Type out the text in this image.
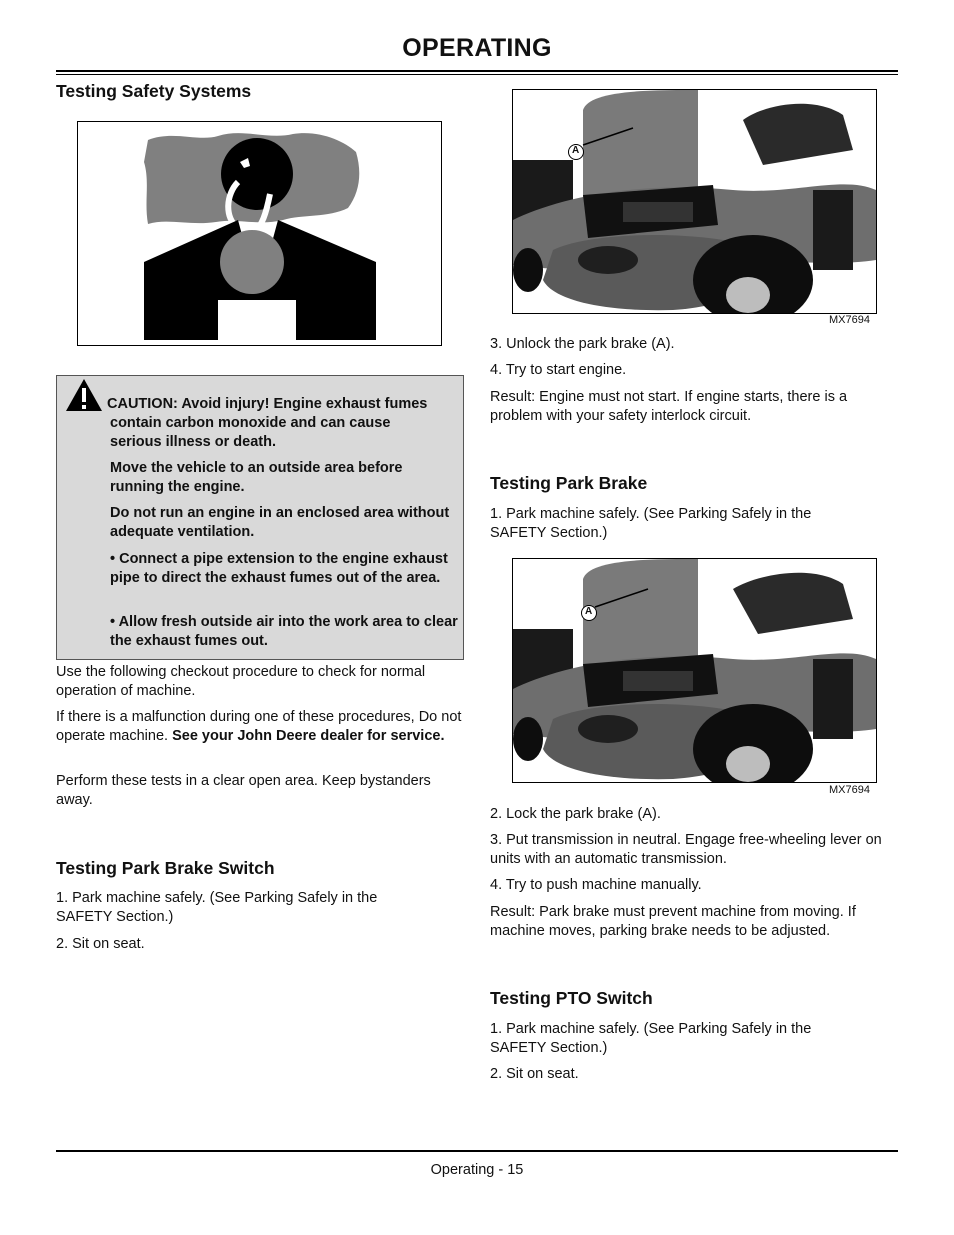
OPERATING
Testing Safety Systems

CAUTION: Avoid injury! Engine exhaust fumes

contain carbon monoxide and can cause serious illness or death.

Move the vehicle to an outside area before running the engine.

Do not run an engine in an enclosed area without adequate ventilation.

• Connect a pipe extension to the engine exhaust pipe to direct the exhaust fumes out of the area.

• Allow fresh outside air into the work area to clear the exhaust fumes out.

Use the following checkout procedure to check for normal operation of machine.

If there is a malfunction during one of these procedures, Do not operate machine. See your John Deere dealer for service.

Perform these tests in a clear open area. Keep bystanders away.

Testing Park Brake Switch

1. Park machine safely. (See Parking Safely in the SAFETY Section.)

2. Sit on seat.

A
MX7694

3. Unlock the park brake (A).

4. Try to start engine.

Result: Engine must not start. If engine starts, there is a problem with your safety interlock circuit.

Testing Park Brake

1. Park machine safely. (See Parking Safely in the SAFETY Section.)

A
MX7694

2. Lock the park brake (A).

3. Put transmission in neutral. Engage free-wheeling lever on units with an automatic transmission.

4. Try to push machine manually.

Result: Park brake must prevent machine from moving. If machine moves, parking brake needs to be adjusted.

Testing PTO Switch

1. Park machine safely. (See Parking Safely in the SAFETY Section.)

2. Sit on seat.

Operating - 15
